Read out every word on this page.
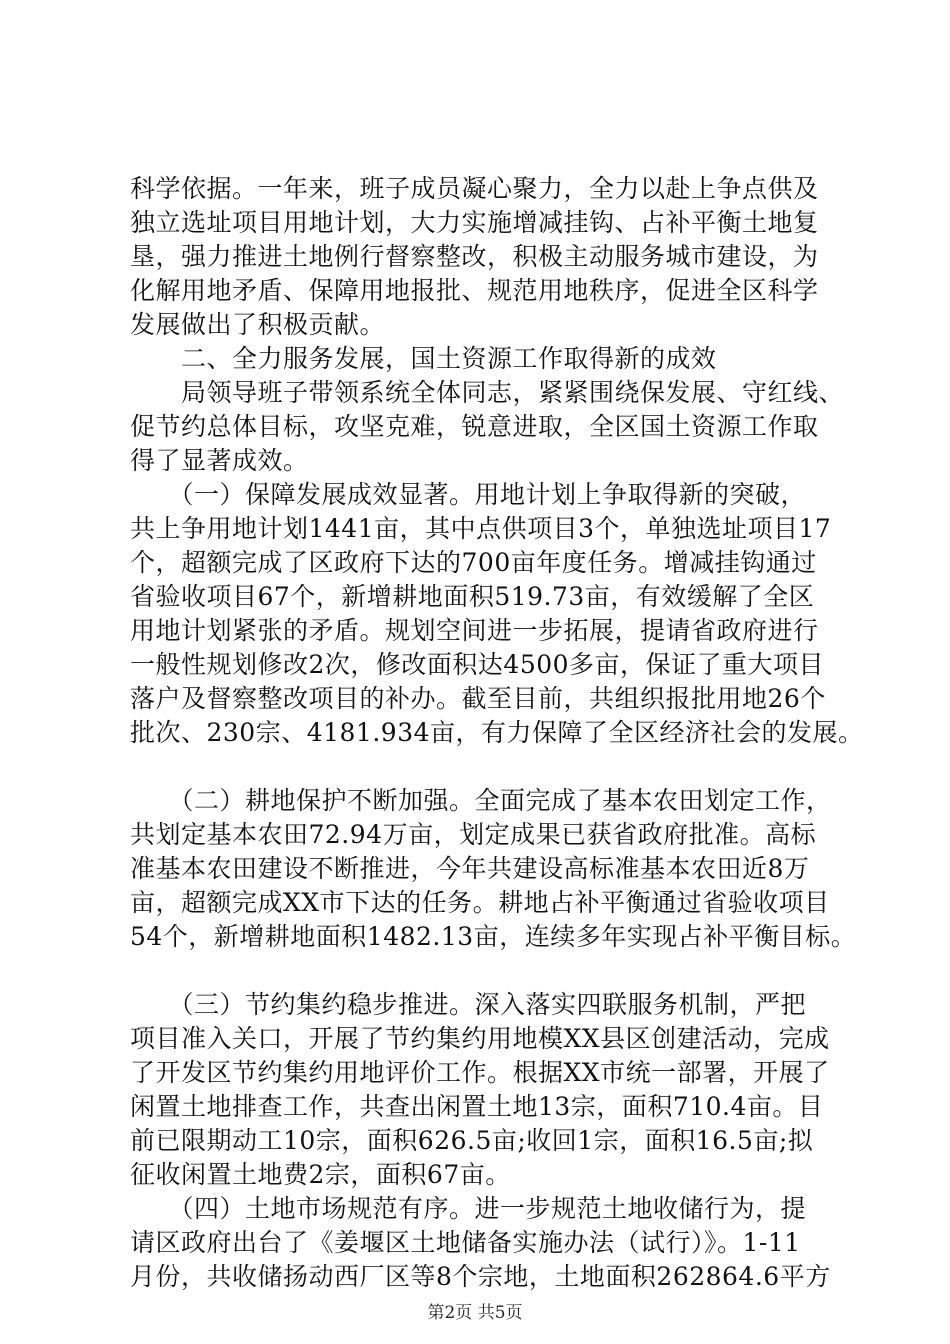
科学依据。一年来，班子成员凝心聚力，全力以赴上争点供及
独立选址项目用地计划，大力实施增减挂钩、占补平衡土地复
垦，强力推进土地例行督察整改，积极主动服务城市建设，为
化解用地矛盾、保障用地报批、规范用地秩序，促进全区科学
发展做出了积极贡献。
　　二、全力服务发展，国土资源工作取得新的成效
　　局领导班子带领系统全体同志，紧紧围绕保发展、守红线、
促节约总体目标，攻坚克难，锐意进取，全区国土资源工作取
得了显著成效。
　　（一）保障发展成效显著。用地计划上争取得新的突破，
共上争用地计划1441亩，其中点供项目3个，单独选址项目17
个，超额完成了区政府下达的700亩年度任务。增减挂钩通过
省验收项目67个，新增耕地面积519.73亩，有效缓解了全区
用地计划紧张的矛盾。规划空间进一步拓展，提请省政府进行
一般性规划修改2次，修改面积达4500多亩，保证了重大项目
落户及督察整改项目的补办。截至目前，共组织报批用地26个
批次、230宗、4181.934亩，有力保障了全区经济社会的发展。
　　（二）耕地保护不断加强。全面完成了基本农田划定工作，
共划定基本农田72.94万亩，划定成果已获省政府批准。高标
准基本农田建设不断推进，今年共建设高标准基本农田近8万
亩，超额完成XX市下达的任务。耕地占补平衡通过省验收项目
54个，新增耕地面积1482.13亩，连续多年实现占补平衡目标。
　　（三）节约集约稳步推进。深入落实四联服务机制，严把
项目准入关口，开展了节约集约用地模XX县区创建活动，完成
了开发区节约集约用地评价工作。根据XX市统一部署，开展了
闲置土地排查工作，共查出闲置土地13宗，面积710.4亩。目
前已限期动工10宗，面积626.5亩;收回1宗，面积16.5亩;拟
征收闲置土地费2宗，面积67亩。
　　（四）土地市场规范有序。进一步规范土地收储行为，提
请区政府出台了《姜堰区土地储备实施办法（试行）》。1-11
月份，共收储扬动西厂区等8个宗地，土地面积262864.6平方
第2页 共5页
